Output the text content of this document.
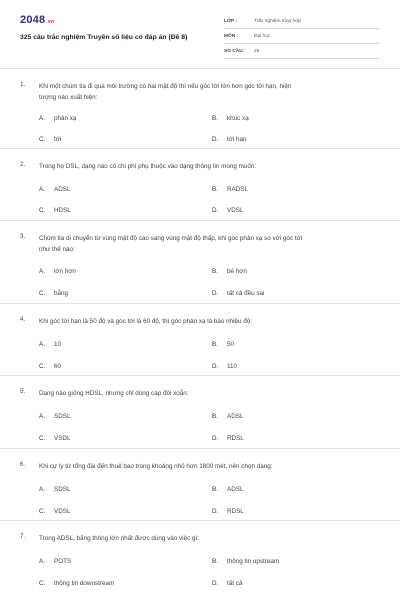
2048.vn
325 câu trắc nghiệm Truyền số liệu có đáp án (Đề 8)
LỚP :	Trắc nghiệm tổng hợp
MÔN :	Đại học
SỐ CÂU :	25
1. Khi một chùm tia đi qua môi trường có hai mật độ thì nếu góc tới lớn hơn góc tới hạn, hiện
tượng nào xuất hiện:
A. phản xạ	B. khúc xạ
C. tới	D. tới hạn
2. Trong họ DSL, dạng nào có chi phí phụ thuộc vào dạng thông tin mong muốn:
A. ADSL	B. RADSL
C. HDSL	D. VDSL
3. Chùm tia di chuyển từ vùng mật độ cao sang vùng mật độ thấp, khi góc phản xạ so với góc tới
như thế nào:
A. lớn hơn	B. bé hơn
C. bằng	D. tất cả đều sai
4. Khi góc tới hạn là 50 độ và góc tới là 60 độ, thì góc phản xạ là bao nhiêu độ:
A. 10	B. 50
C. 60	D. 110
5. Dạng nào giống HDSL, nhưng chỉ dùng cáp đôi xoắn:
A. SDSL	B. ADSL
C. VSDL	D. RDSL
6. Khi cự ly từ tổng đài đến thuê bao trong khoảng nhỏ hơn 1800 mét, nên chọn dạng:
A. SDSL	B. ADSL
C. VDSL	D. RDSL
7. Trong ADSL, băng thông lớn nhất được dùng vào việc gì:
A. POTS	B. thông tin upstream
C. thông tin downstream	D. tất cả
